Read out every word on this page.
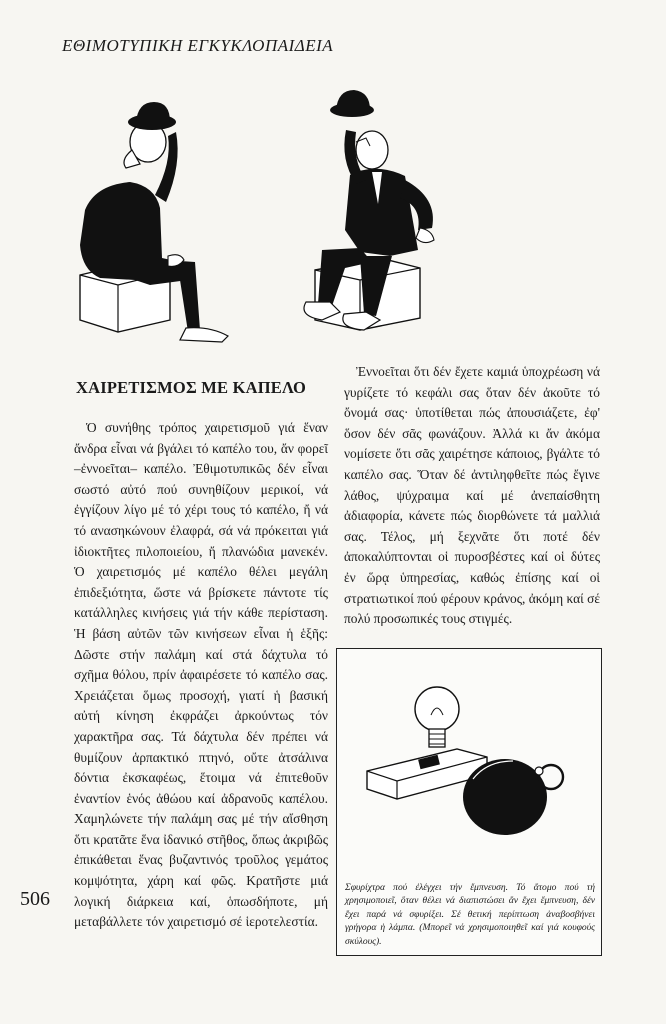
ΕΘΙΜΟΤΥΠΙΚΗ ΕΓΚΥΚΛΟΠΑΙΔΕΙΑ
ΧΑΙΡΕΤΙΣΜΟΣ ΜΕ ΚΑΠΕΛΟ

Ὁ συνήθης τρόπος χαιρετισμοῦ γιά ἕναν ἄνδρα εἶναι νά βγάλει τό καπέλο του, ἄν φορεῖ –ἐννοεῖται– καπέλο. Ἐθιμοτυπικῶς δέν εἶναι σωστό αὐτό πού συνηθίζουν μερικοί, νά ἐγγίζουν λίγο μέ τό χέρι τους τό καπέλο, ἤ νά τό ανασηκώνουν ἐλαφρά, σά νά πρόκειται γιά ἰδιοκτῆτες πιλοποιείου, ἤ πλανώδια μανεκέν. Ὁ χαιρετισμός μέ καπέλο θέλει μεγάλη ἐπιδεξιότητα, ὥστε νά βρίσκετε πάντοτε τίς κατάλληλες κινήσεις γιά τήν κάθε περίσταση. Ἡ βάση αὐτῶν τῶν κινήσεων εἶναι ἡ ἑξῆς: Δῶστε στήν παλάμη καί στά δάχτυλα τό σχῆμα θόλου, πρίν ἀφαιρέσετε τό καπέλο σας. Χρειάζεται ὅμως προσοχή, γιατί ἡ βασική αὐτή κίνηση ἐκφράζει ἀρκούντως τόν χαρακτῆρα σας. Τά δάχτυλα δέν πρέπει νά θυμίζουν ἁρπακτικό πτηνό, οὔτε ἀτσάλινα δόντια ἐκσκαφέως, ἕτοιμα νά ἐπιτεθοῦν ἐναντίον ἑνός ἀθώου καί ἀδρανοῦς καπέλου. Χαμηλώνετε τήν παλάμη σας μέ τήν αἴσθηση ὅτι κρατᾶτε ἕνα ἰδανικό στῆθος, ὅπως ἀκριβῶς ἐπικάθεται ἕνας βυζαντινός τροῦλος γεμάτος κομψότητα, χάρη καί φῶς. Κρατῆστε μιά λογική διάρκεια καί, ὁπωσδήποτε, μή μεταβάλλετε τόν χαιρετισμό σέ ἱεροτελεστία.

Ἐννοεῖται ὅτι δέν ἔχετε καμιά ὑποχρέωση νά γυρίζετε τό κεφάλι σας ὅταν δέν ἀκοῦτε τό ὄνομά σας· ὑποτίθεται πώς ἀπουσιάζετε, ἐφ' ὅσον δέν σᾶς φωνάζουν. Ἀλλά κι ἄν ἀκόμα νομίσετε ὅτι σᾶς χαιρέτησε κάποιος, βγάλτε τό καπέλο σας. Ὅταν δέ ἀντιληφθεῖτε πώς ἔγινε λάθος, ψύχραιμα καί μέ ἀνεπαίσθητη ἀδιαφορία, κάνετε πώς διορθώνετε τά μαλλιά σας. Τέλος, μή ξεχνᾶτε ὅτι ποτέ δέν ἀποκαλύπτονται οἱ πυροσβέστες καί οἱ δύτες ἐν ὥρᾳ ὑπηρεσίας, καθώς ἐπίσης καί οἱ στρατιωτικοί πού φέρουν κράνος, ἀκόμη καί σέ πολύ προσωπικές τους στιγμές.

506
Σφυρίχτρα πού ἐλέγχει τήν ἔμπνευση. Τό ἄτομο πού τή χρησιμοποιεῖ, ὅταν θέλει νά διαπιστώσει ἄν ἔχει ἔμπνευση, δέν ἔχει παρά νά σφυρίξει. Σέ θετική περίπτωση ἀναβοσβήνει γρήγορα ἡ λάμπα. (Μπορεῖ νά χρησιμοποιηθεῖ καί γιά κουφούς σκύλους).
